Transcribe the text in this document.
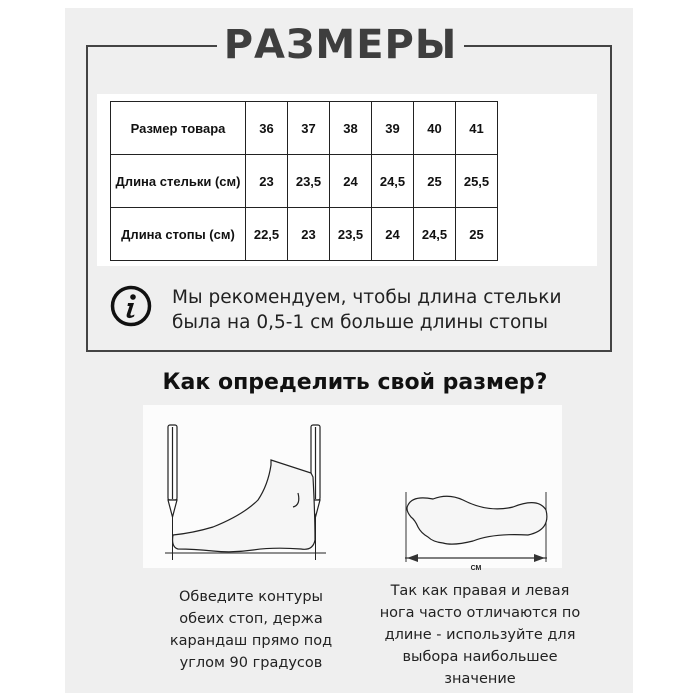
РАЗМЕРЫ
Размер товара	36	37	38	39	40	41
Длина стельки (см)	23	23,5	24	24,5	25	25,5
Длина стопы (см)	22,5	23	23,5	24	24,5	25
Мы рекомендуем, чтобы длина стельки
была на 0,5-1 см больше длины стопы
Как определить свой размер?
СМ
Обведите контуры
обеих стоп, держа
карандаш прямо под
углом 90 градусов
Так как правая и левая
нога часто отличаются по
длине - используйте для
выбора наибольшее
значение
